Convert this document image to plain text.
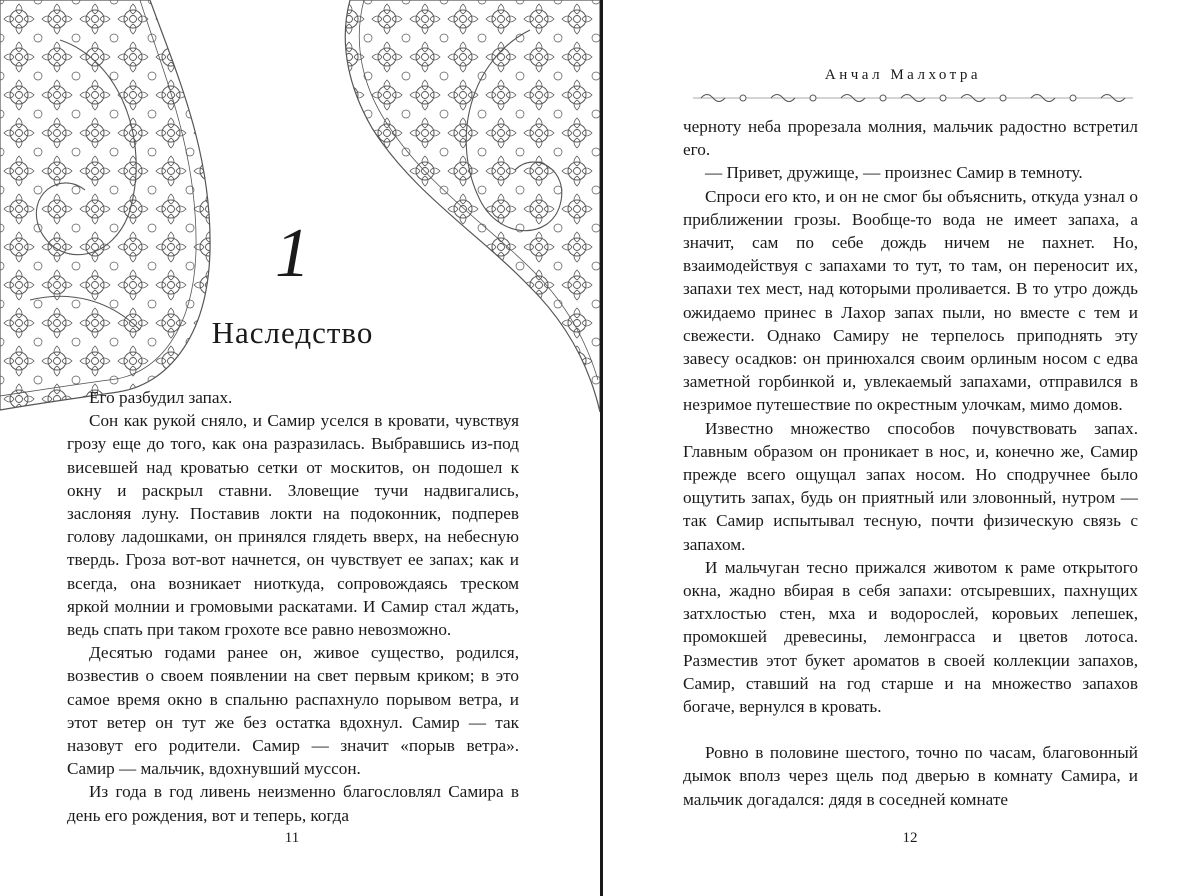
1
Наследство

Его разбудил запах.

Сон как рукой сняло, и Самир уселся в кровати, чувствуя грозу еще до того, как она разразилась. Выбравшись из-под висевшей над кроватью сетки от москитов, он подошел к окну и раскрыл ставни. Зловещие тучи надвигались, заслоняя луну. Поставив локти на подоконник, подперев голову ладошками, он принялся глядеть вверх, на небесную твердь. Гроза вот-вот начнется, он чувствует ее запах; как и всегда, она возникает ниоткуда, сопровождаясь треском яркой молнии и громовыми раскатами. И Самир стал ждать, ведь спать при таком грохоте все равно невозможно.

Десятью годами ранее он, живое существо, родился, возвестив о своем появлении на свет первым криком; в это самое время окно в спальню распахнуло порывом ветра, и этот ветер он тут же без остатка вдохнул. Самир — так назовут его родители. Самир — значит «порыв ветра». Самир — мальчик, вдохнувший муссон.

Из года в год ливень неизменно благословлял Самира в день его рождения, вот и теперь, когда

11
Анчал Малхотра

черноту неба прорезала молния, мальчик радостно встретил его.

— Привет, дружище, — произнес Самир в темноту.

Спроси его кто, и он не смог бы объяснить, откуда узнал о приближении грозы. Вообще-то вода не имеет запаха, а значит, сам по себе дождь ничем не пахнет. Но, взаимодействуя с запахами то тут, то там, он переносит их, запахи тех мест, над которыми проливается. В то утро дождь ожидаемо принес в Лахор запах пыли, но вместе с тем и свежести. Однако Самиру не терпелось приподнять эту завесу осадков: он принюхался своим орлиным носом с едва заметной горбинкой и, увлекаемый запахами, отправился в незримое путешествие по окрестным улочкам, мимо домов.

Известно множество способов почувствовать запах. Главным образом он проникает в нос, и, конечно же, Самир прежде всего ощущал запах носом. Но сподручнее было ощутить запах, будь он приятный или зловонный, нутром — так Самир испытывал тесную, почти физическую связь с запахом.

И мальчуган тесно прижался животом к раме открытого окна, жадно вбирая в себя запахи: отсыревших, пахнущих затхлостью стен, мха и водорослей, коровьих лепешек, промокшей древесины, лемонграсса и цветов лотоса. Разместив этот букет ароматов в своей коллекции запахов, Самир, ставший на год старше и на множество запахов богаче, вернулся в кровать.

Ровно в половине шестого, точно по часам, благовонный дымок вполз через щель под дверью в комнату Самира, и мальчик догадался: дядя в соседней комнате

12
